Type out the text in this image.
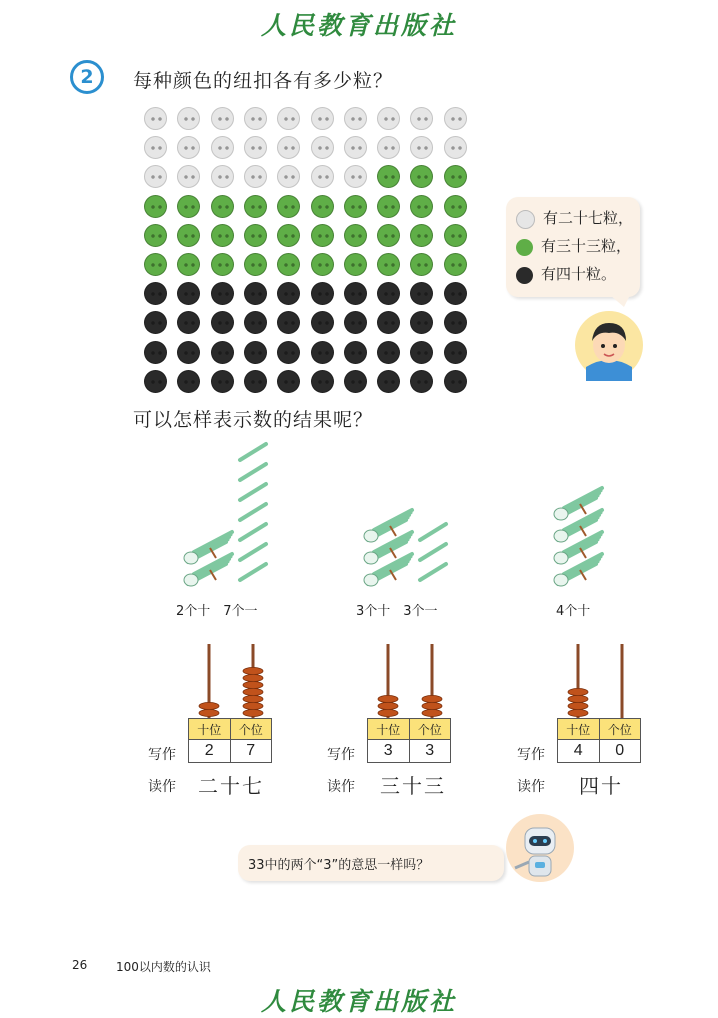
人民教育出版社
2	每种颜色的纽扣各有多少粒？
有二十七粒，
有三十三粒，
有四十粒。
可以怎样表示数的结果呢？
2个十　7个一	3个十　3个一	4个十
十位	个位
2	7
十位	个位
3	3
十位	个位
4	0
写作	写作	写作
读作	读作	读作
二十七	三十三	四十
33中的两个“3”的意思一样吗？
26 100以内数的认识
人民教育出版社
